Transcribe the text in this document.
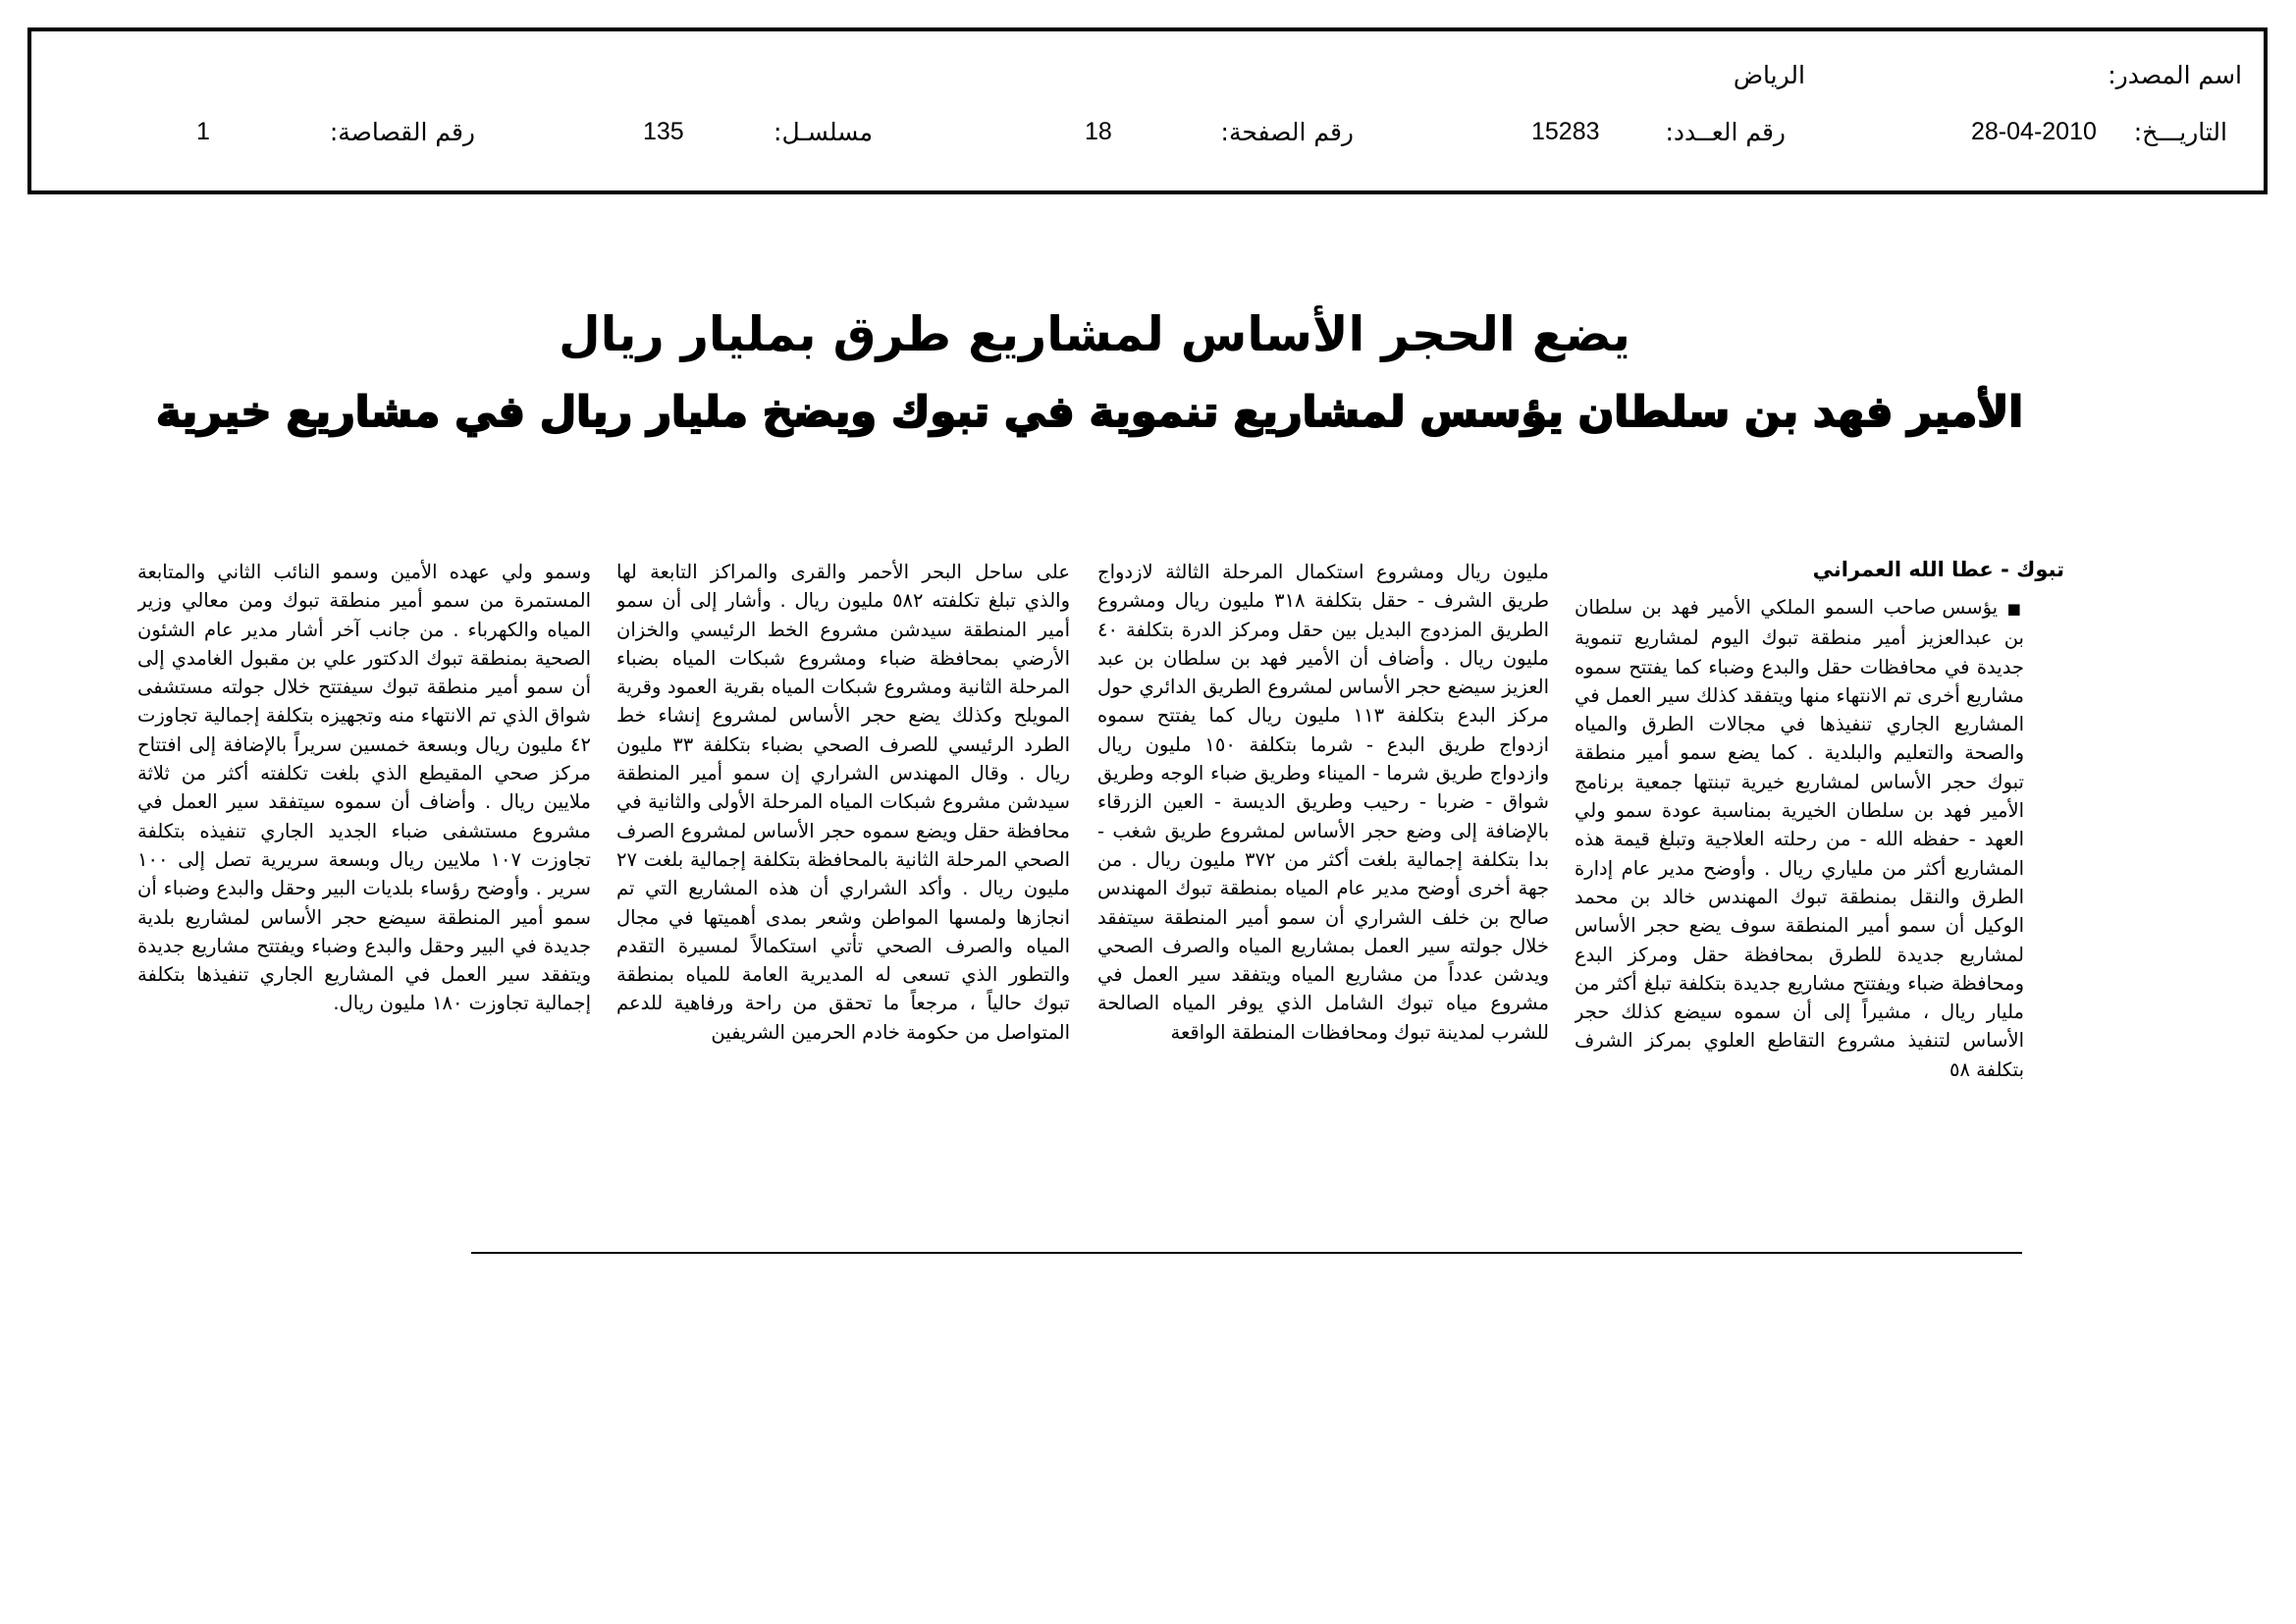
اسم المصدر:
الرياض
التاريـــخ:
28-04-2010
رقم العــدد:
15283
رقم الصفحة:
18
مسلسـل:
135
رقم القصاصة:
1
يضع الحجر الأساس لمشاريع طرق بمليار ريال
الأمير فهد بن سلطان يؤسس لمشاريع تنموية في تبوك ويضخ مليار ريال في مشاريع خيرية
تبوك - عطا الله العمراني

■ يؤسس صاحب السمو الملكي الأمير فهد بن سلطان بن عبدالعزيز أمير منطقة تبوك اليوم لمشاريع تنموية جديدة في محافظات حقل والبدع وضباء كما يفتتح سموه مشاريع أخرى تم الانتهاء منها ويتفقد كذلك سير العمل في المشاريع الجاري تنفيذها في مجالات الطرق والمياه والصحة والتعليم والبلدية . كما يضع سمو أمير منطقة تبوك حجر الأساس لمشاريع خيرية تبنتها جمعية برنامج الأمير فهد بن سلطان الخيرية بمناسبة عودة سمو ولي العهد - حفظه الله - من رحلته العلاجية وتبلغ قيمة هذه المشاريع أكثر من ملياري ريال . وأوضح مدير عام إدارة الطرق والنقل بمنطقة تبوك المهندس خالد بن محمد الوكيل أن سمو أمير المنطقة سوف يضع حجر الأساس لمشاريع جديدة للطرق بمحافظة حقل ومركز البدع ومحافظة ضباء ويفتتح مشاريع جديدة بتكلفة تبلغ أكثر من مليار ريال ، مشيراً إلى أن سموه سيضع كذلك حجر الأساس لتنفيذ مشروع التقاطع العلوي بمركز الشرف بتكلفة ٥٨

مليون ريال ومشروع استكمال المرحلة الثالثة لازدواج طريق الشرف - حقل بتكلفة ٣١٨ مليون ريال ومشروع الطريق المزدوج البديل بين حقل ومركز الدرة بتكلفة ٤٠ مليون ريال . وأضاف أن الأمير فهد بن سلطان بن عبد العزيز سيضع حجر الأساس لمشروع الطريق الدائري حول مركز البدع بتكلفة ١١٣ مليون ريال كما يفتتح سموه ازدواج طريق البدع - شرما بتكلفة ١٥٠ مليون ريال وازدواج طريق شرما - الميناء وطريق ضباء الوجه وطريق شواق - ضربا - رحيب وطريق الديسة - العين الزرقاء بالإضافة إلى وضع حجر الأساس لمشروع طريق شغب - بدا بتكلفة إجمالية بلغت أكثر من ٣٧٢ مليون ريال . من جهة أخرى أوضح مدير عام المياه بمنطقة تبوك المهندس صالح بن خلف الشراري أن سمو أمير المنطقة سيتفقد خلال جولته سير العمل بمشاريع المياه والصرف الصحي ويدشن عدداً من مشاريع المياه ويتفقد سير العمل في مشروع مياه تبوك الشامل الذي يوفر المياه الصالحة للشرب لمدينة تبوك ومحافظات المنطقة الواقعة

على ساحل البحر الأحمر والقرى والمراكز التابعة لها والذي تبلغ تكلفته ٥٨٢ مليون ريال . وأشار إلى أن سمو أمير المنطقة سيدشن مشروع الخط الرئيسي والخزان الأرضي بمحافظة ضباء ومشروع شبكات المياه بضباء المرحلة الثانية ومشروع شبكات المياه بقرية العمود وقرية المويلح وكذلك يضع حجر الأساس لمشروع إنشاء خط الطرد الرئيسي للصرف الصحي بضباء بتكلفة ٣٣ مليون ريال . وقال المهندس الشراري إن سمو أمير المنطقة سيدشن مشروع شبكات المياه المرحلة الأولى والثانية في محافظة حقل ويضع سموه حجر الأساس لمشروع الصرف الصحي المرحلة الثانية بالمحافظة بتكلفة إجمالية بلغت ٢٧ مليون ريال . وأكد الشراري أن هذه المشاريع التي تم انجازها ولمسها المواطن وشعر بمدى أهميتها في مجال المياه والصرف الصحي تأتي استكمالاً لمسيرة التقدم والتطور الذي تسعى له المديرية العامة للمياه بمنطقة تبوك حالياً ، مرجعاً ما تحقق من راحة ورفاهية للدعم المتواصل من حكومة خادم الحرمين الشريفين

وسمو ولي عهده الأمين وسمو النائب الثاني والمتابعة المستمرة من سمو أمير منطقة تبوك ومن معالي وزير المياه والكهرباء . من جانب آخر أشار مدير عام الشئون الصحية بمنطقة تبوك الدكتور علي بن مقبول الغامدي إلى أن سمو أمير منطقة تبوك سيفتتح خلال جولته مستشفى شواق الذي تم الانتهاء منه وتجهيزه بتكلفة إجمالية تجاوزت ٤٢ مليون ريال وبسعة خمسين سريراً بالإضافة إلى افتتاح مركز صحي المقيطع الذي بلغت تكلفته أكثر من ثلاثة ملايين ريال . وأضاف أن سموه سيتفقد سير العمل في مشروع مستشفى ضباء الجديد الجاري تنفيذه بتكلفة تجاوزت ١٠٧ ملايين ريال وبسعة سريرية تصل إلى ١٠٠ سرير . وأوضح رؤساء بلديات البير وحقل والبدع وضباء أن سمو أمير المنطقة سيضع حجر الأساس لمشاريع بلدية جديدة في البير وحقل والبدع وضباء ويفتتح مشاريع جديدة ويتفقد سير العمل في المشاريع الجاري تنفيذها بتكلفة إجمالية تجاوزت ١٨٠ مليون ريال.
